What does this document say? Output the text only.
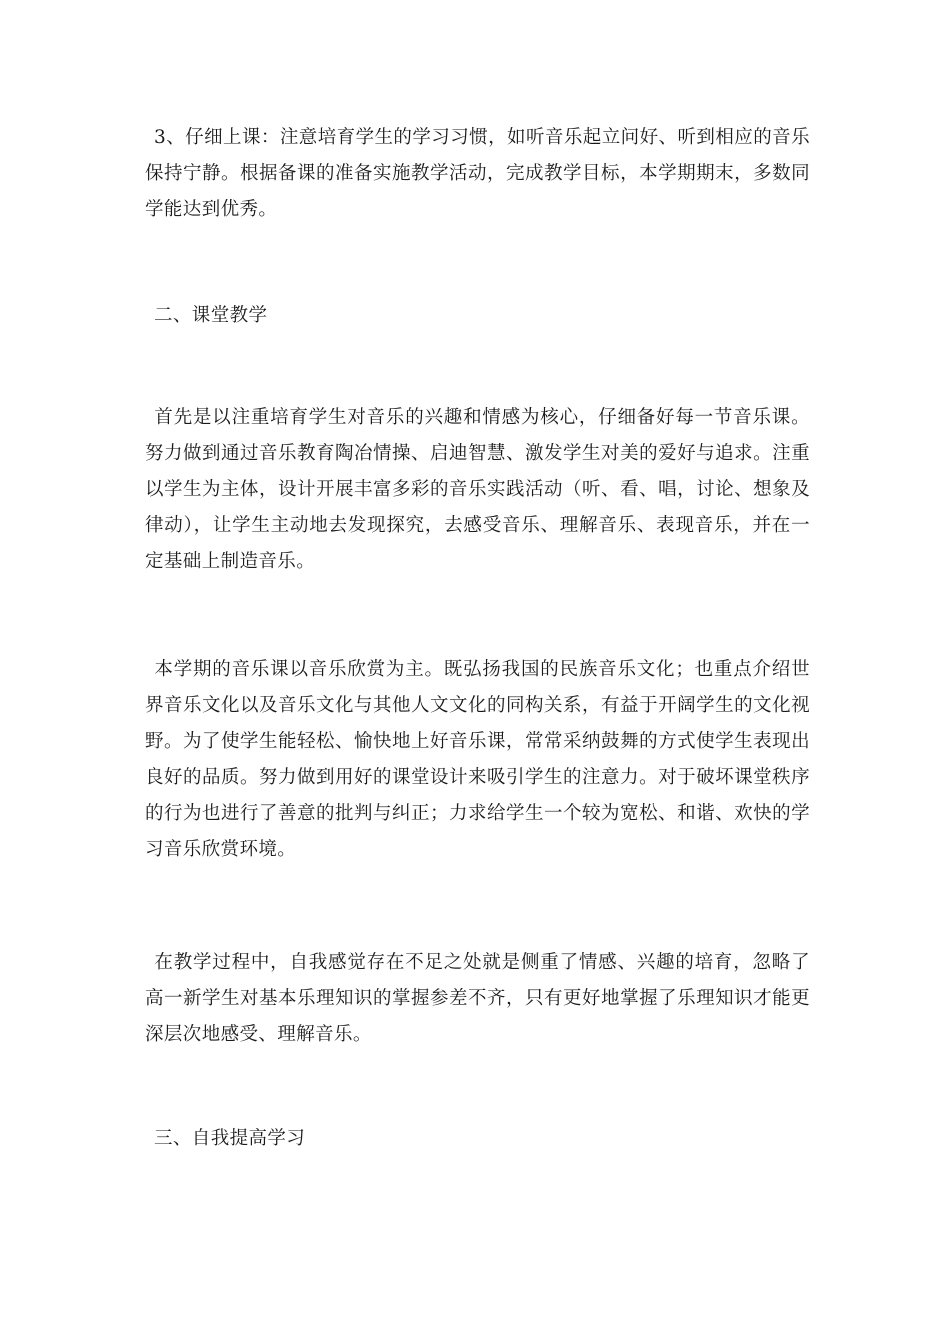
3、仔细上课：注意培育学生的学习习惯，如听音乐起立问好、听到相应的音乐保持宁静。根据备课的准备实施教学活动，完成教学目标，本学期期末，多数同学能达到优秀。

二、课堂教学

首先是以注重培育学生对音乐的兴趣和情感为核心，仔细备好每一节音乐课。努力做到通过音乐教育陶冶情操、启迪智慧、激发学生对美的爱好与追求。注重以学生为主体，设计开展丰富多彩的音乐实践活动（听、看、唱，讨论、想象及律动），让学生主动地去发现探究，去感受音乐、理解音乐、表现音乐，并在一定基础上制造音乐。

本学期的音乐课以音乐欣赏为主。既弘扬我国的民族音乐文化；也重点介绍世界音乐文化以及音乐文化与其他人文文化的同构关系，有益于开阔学生的文化视野。为了使学生能轻松、愉快地上好音乐课，常常采纳鼓舞的方式使学生表现出良好的品质。努力做到用好的课堂设计来吸引学生的注意力。对于破坏课堂秩序的行为也进行了善意的批判与纠正；力求给学生一个较为宽松、和谐、欢快的学习音乐欣赏环境。

在教学过程中，自我感觉存在不足之处就是侧重了情感、兴趣的培育，忽略了高一新学生对基本乐理知识的掌握参差不齐，只有更好地掌握了乐理知识才能更深层次地感受、理解音乐。

三、自我提高学习
